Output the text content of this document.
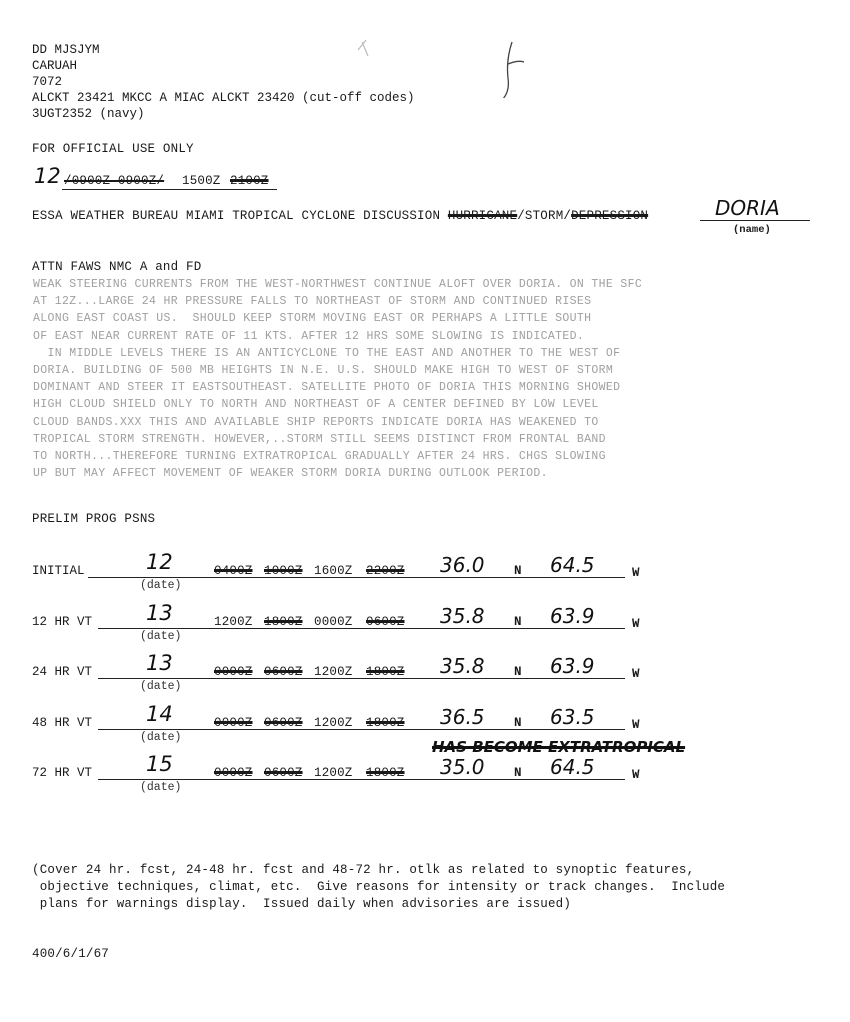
DD MJSJYM
CARUAH
7072
ALCKT 23421 MKCC A MIAC ALCKT 23420 (cut-off codes)
3UGT2352 (navy)
FOR OFFICIAL USE ONLY
12 /0900Z 0900Z/ 1500Z 2100Z
ESSA WEATHER BUREAU MIAMI TROPICAL CYCLONE DISCUSSION HURRICANE/STORM/DEPRESSION	DORIA
(name)
ATTN FAWS NMC A and FD
WEAK STEERING CURRENTS FROM THE WEST-NORTHWEST CONTINUE ALOFT OVER DORIA. ON THE SFC
AT 12Z...LARGE 24 HR PRESSURE FALLS TO NORTHEAST OF STORM AND CONTINUED RISES
ALONG EAST COAST US.  SHOULD KEEP STORM MOVING EAST OR PERHAPS A LITTLE SOUTH
OF EAST NEAR CURRENT RATE OF 11 KTS. AFTER 12 HRS SOME SLOWING IS INDICATED.
IN MIDDLE LEVELS THERE IS AN ANTICYCLONE TO THE EAST AND ANOTHER TO THE WEST OF
DORIA. BUILDING OF 500 MB HEIGHTS IN N.E. U.S. SHOULD MAKE HIGH TO WEST OF STORM
DOMINANT AND STEER IT EASTSOUTHEAST. SATELLITE PHOTO OF DORIA THIS MORNING SHOWED
HIGH CLOUD SHIELD ONLY TO NORTH AND NORTHEAST OF A CENTER DEFINED BY LOW LEVEL
CLOUD BANDS.XXX THIS AND AVAILABLE SHIP REPORTS INDICATE DORIA HAS WEAKENED TO
TROPICAL STORM STRENGTH. HOWEVER,..STORM STILL SEEMS DISTINCT FROM FRONTAL BAND
TO NORTH...THEREFORE TURNING EXTRATROPICAL GRADUALLY AFTER 24 HRS. CHGS SLOWING
UP BUT MAY AFFECT MOVEMENT OF WEAKER STORM DORIA DURING OUTLOOK PERIOD.
PRELIM PROG PSNS
INITIAL	12
(date)
0400Z 1000Z 1600Z 2200Z 36.0 N 64.5	W
12 HR VT	13
(date)
1200Z 1800Z 0000Z 0600Z 35.8 N 63.9	W
24 HR VT	13
(date)
0000Z 0600Z 1200Z 1800Z 35.8 N 63.9	W
48 HR VT	14
(date)
0000Z 0600Z 1200Z 1800Z 36.5 N 63.5	W
72 HR VT	15
(date)
0000Z 0600Z 1200Z 1800Z 35.0 N 64.5	W
HAS BECOME EXTRATROPICAL
(Cover 24 hr. fcst, 24-48 hr. fcst and 48-72 hr. otlk as related to synoptic features,
objective techniques, climat, etc.  Give reasons for intensity or track changes.  Include
plans for warnings display.  Issued daily when advisories are issued)
400/6/1/67
